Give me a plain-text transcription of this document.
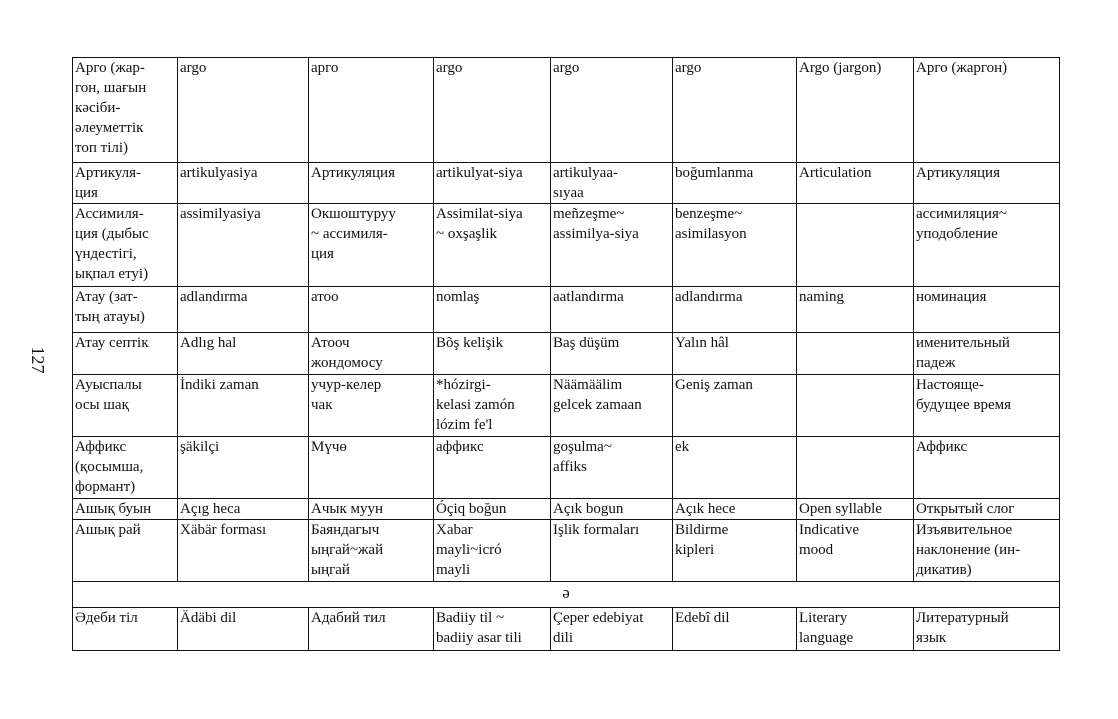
127
Арго (жар-
гон, шағын
кәсіби-
әлеуметтік
топ тілі)	argo	арго	argo	argo	argo	Argo (jargon)	Арго (жаргон)

Артикуля-
ция	artikulyasiya	Артикуляция	artikulyat-siya	artikulyaa-
sıyaa	boğumlanma	Articulation	Артикуляция

Ассимиля-
ция (дыбыс
үндестігі,
ықпал етуі)	assimilyasiya	Окшоштуруу
~ ассимиля-
ция	Assimilat-siya
~ oxşaşlik	meñzeşme~
assimilya-siya	benzeşme~
asimilasyon		ассимиляция~
уподобление

Атау (зат-
тың атауы)	adlandırma	атоо	nomlaş	aatlandırma	adlandırma	naming	номинация

Атау септік	Adlıg hal	Атооч
жондомосу	Bõş kelişik	Baş düşüm	Yalın hâl		именительный
падеж

Ауыспалы
осы шақ	İndiki zaman	учур-келер
чак	*hózirgi-
kelasi zamón
lózim fe'l	Näämäälim
gelcek zamaan	Geniş zaman		Настояще-
будущее время

Аффикс
(қосымша,
формант)	şäkilçi	Мүчө	аффикс	goşulma~
affiks	ek		Аффикс

Ашық буын	Açıg heca	Ачык муун	Óçiq boğun	Açık bogun	Açık hece	Open syllable	Открытый слог

Ашық рай	Xäbär forması	Баяндагыч
ыңгай~жай
ыңгай	Xabar
mayli~icró
mayli	Işlik formaları	Bildirme
kipleri	Indicative
mood	Изъявительное
наклонение (ин-
дикатив)

ә							

Әдеби тіл	Ädäbi dil	Адабий тил	Badiiy til ~
badiiy asar tili	Çeper edebiyat
dili	Edebî dil	Literary
language	Литературный
язык
